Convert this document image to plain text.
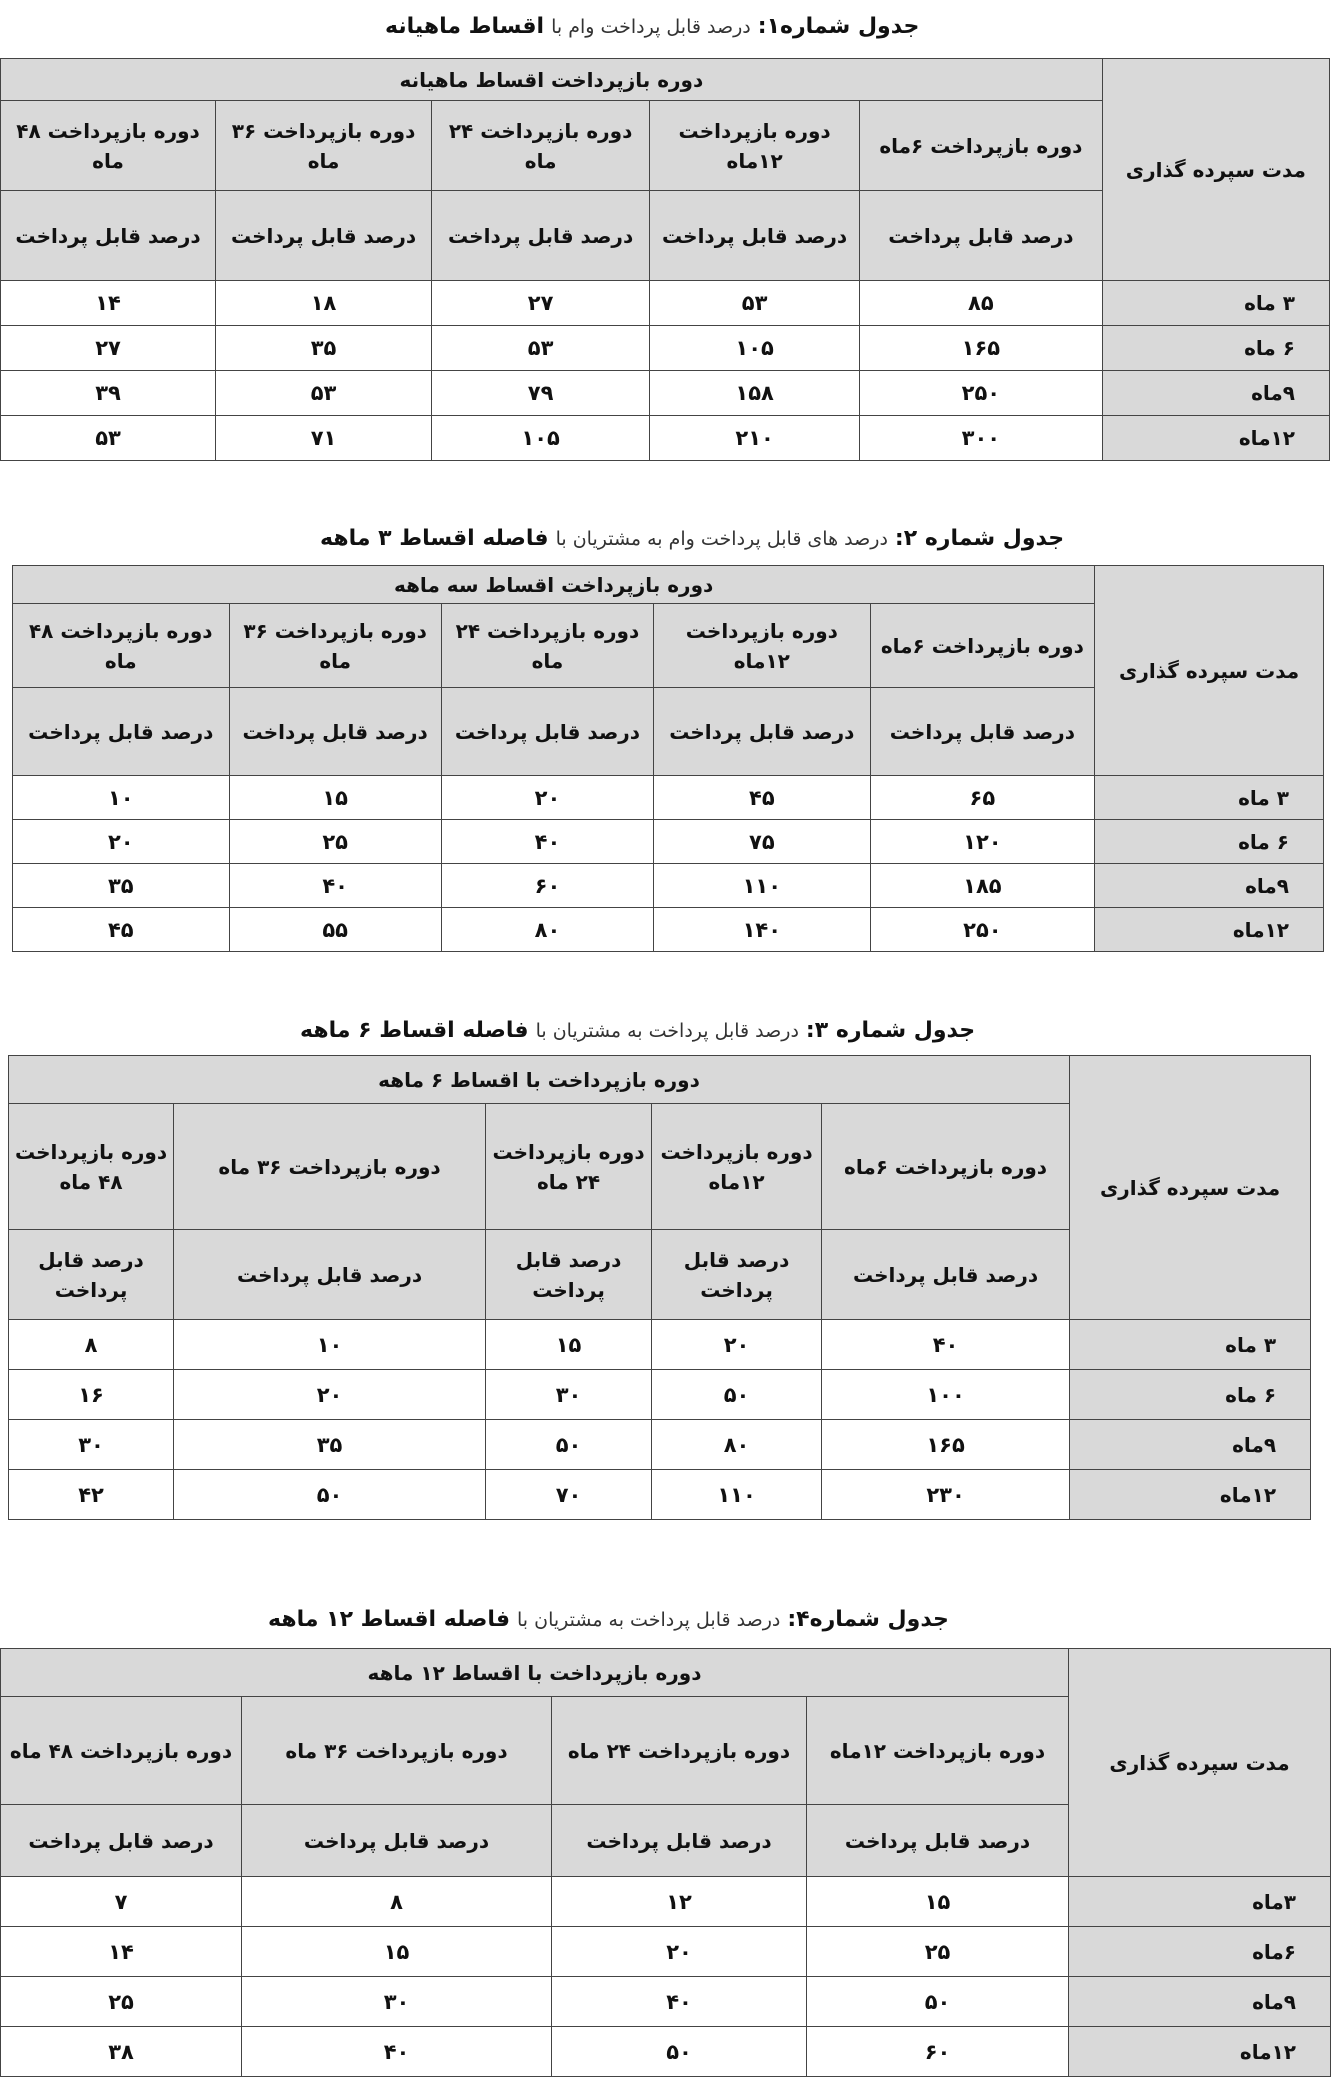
جدول شماره۱: درصد قابل پرداخت وام با اقساط ماهیانه
مدت سپرده گذاری	دوره بازپرداخت اقساط ماهیانه				
	دوره بازپرداخت ۶ماه	دوره بازپرداخت ۱۲ماه	دوره بازپرداخت ۲۴ ماه	دوره بازپرداخت ۳۶ ماه	دوره بازپرداخت ۴۸ ماه
	درصد قابل پرداخت	درصد قابل پرداخت	درصد قابل پرداخت	درصد قابل پرداخت	درصد قابل پرداخت
۳ ماه	۸۵	۵۳	۲۷	۱۸	۱۴
۶ ماه	۱۶۵	۱۰۵	۵۳	۳۵	۲۷
۹ماه	۲۵۰	۱۵۸	۷۹	۵۳	۳۹
۱۲ماه	۳۰۰	۲۱۰	۱۰۵	۷۱	۵۳
جدول شماره ۲: درصد های قابل پرداخت وام به مشتریان با فاصله اقساط ۳ ماهه
مدت سپرده گذاری	دوره بازپرداخت اقساط سه ماهه				
	دوره بازپرداخت ۶ماه	دوره بازپرداخت ۱۲ماه	دوره بازپرداخت ۲۴ ماه	دوره بازپرداخت ۳۶ ماه	دوره بازپرداخت ۴۸ ماه
	درصد قابل پرداخت	درصد قابل پرداخت	درصد قابل پرداخت	درصد قابل پرداخت	درصد قابل پرداخت
۳ ماه	۶۵	۴۵	۲۰	۱۵	۱۰
۶ ماه	۱۲۰	۷۵	۴۰	۲۵	۲۰
۹ماه	۱۸۵	۱۱۰	۶۰	۴۰	۳۵
۱۲ماه	۲۵۰	۱۴۰	۸۰	۵۵	۴۵
جدول شماره ۳: درصد قابل پرداخت به مشتریان با فاصله اقساط ۶ ماهه
مدت سپرده گذاری	دوره بازپرداخت با اقساط ۶ ماهه				
	دوره بازپرداخت ۶ماه	دوره بازپرداخت ۱۲ماه	دوره بازپرداخت ۲۴ ماه	دوره بازپرداخت ۳۶ ماه	دوره بازپرداخت ۴۸ ماه
	درصد قابل پرداخت	درصد قابل پرداخت	درصد قابل پرداخت	درصد قابل پرداخت	درصد قابل پرداخت
۳ ماه	۴۰	۲۰	۱۵	۱۰	۸
۶ ماه	۱۰۰	۵۰	۳۰	۲۰	۱۶
۹ماه	۱۶۵	۸۰	۵۰	۳۵	۳۰
۱۲ماه	۲۳۰	۱۱۰	۷۰	۵۰	۴۲
جدول شماره۴: درصد قابل پرداخت به مشتریان با فاصله اقساط ۱۲ ماهه
مدت سپرده گذاری	دوره بازپرداخت با اقساط ۱۲ ماهه			
	دوره بازپرداخت ۱۲ماه	دوره بازپرداخت ۲۴ ماه	دوره بازپرداخت ۳۶ ماه	دوره بازپرداخت ۴۸ ماه
	درصد قابل پرداخت	درصد قابل پرداخت	درصد قابل پرداخت	درصد قابل پرداخت
۳ماه	۱۵	۱۲	۸	۷
۶ماه	۲۵	۲۰	۱۵	۱۴
۹ماه	۵۰	۴۰	۳۰	۲۵
۱۲ماه	۶۰	۵۰	۴۰	۳۸
